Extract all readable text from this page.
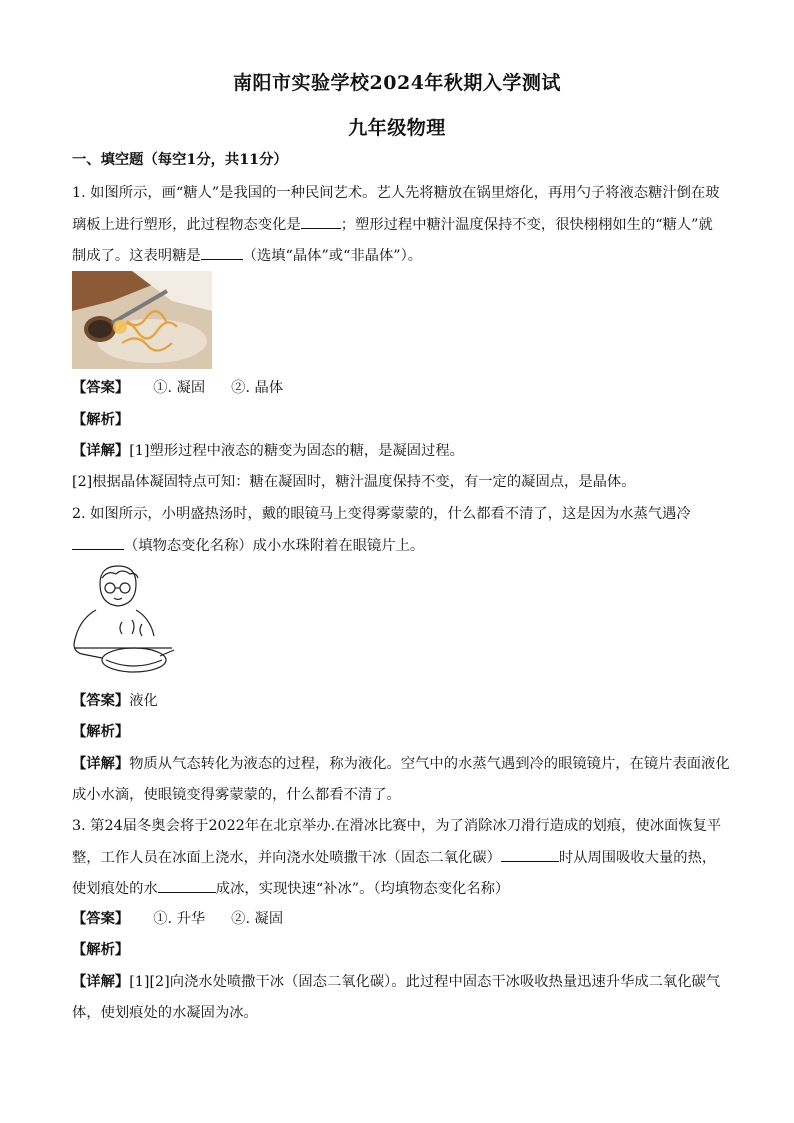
南阳市实验学校2024年秋期入学测试
九年级物理
一、填空题（每空1分，共11分）
1. 如图所示，画“糖人”是我国的一种民间艺术。艺人先将糖放在锅里熔化，再用勺子将液态糖汁倒在玻
璃板上进行塑形，此过程物态变化是	；塑形过程中糖汁温度保持不变，很快栩栩如生的“糖人”就
制成了。这表明糖是	（选填“晶体”或“非晶体”）。
【答案】 ①. 凝固 ②. 晶体
【解析】
【详解】[1]塑形过程中液态的糖变为固态的糖，是凝固过程。
[2]根据晶体凝固特点可知：糖在凝固时，糖汁温度保持不变，有一定的凝固点，是晶体。
2. 如图所示，小明盛热汤时，戴的眼镜马上变得雾蒙蒙的，什么都看不清了，这是因为水蒸气遇冷
（填物态变化名称）成小水珠附着在眼镜片上。
【答案】液化
【解析】
【详解】物质从气态转化为液态的过程，称为液化。空气中的水蒸气遇到冷的眼镜镜片，在镜片表面液化
成小水滴，使眼镜变得雾蒙蒙的，什么都看不清了。
3. 第24届冬奥会将于2022年在北京举办.在滑冰比赛中，为了消除冰刀滑行造成的划痕，使冰面恢复平
整，工作人员在冰面上浇水，并向浇水处喷撒干冰（固态二氧化碳）	时从周围吸收大量的热，
使划痕处的水	成冰，实现快速“补冰”。（均填物态变化名称）
【答案】 ①. 升华 ②. 凝固
【解析】
【详解】[1][2]向浇水处喷撒干冰（固态二氧化碳）。此过程中固态干冰吸收热量迅速升华成二氧化碳气
体，使划痕处的水凝固为冰。
